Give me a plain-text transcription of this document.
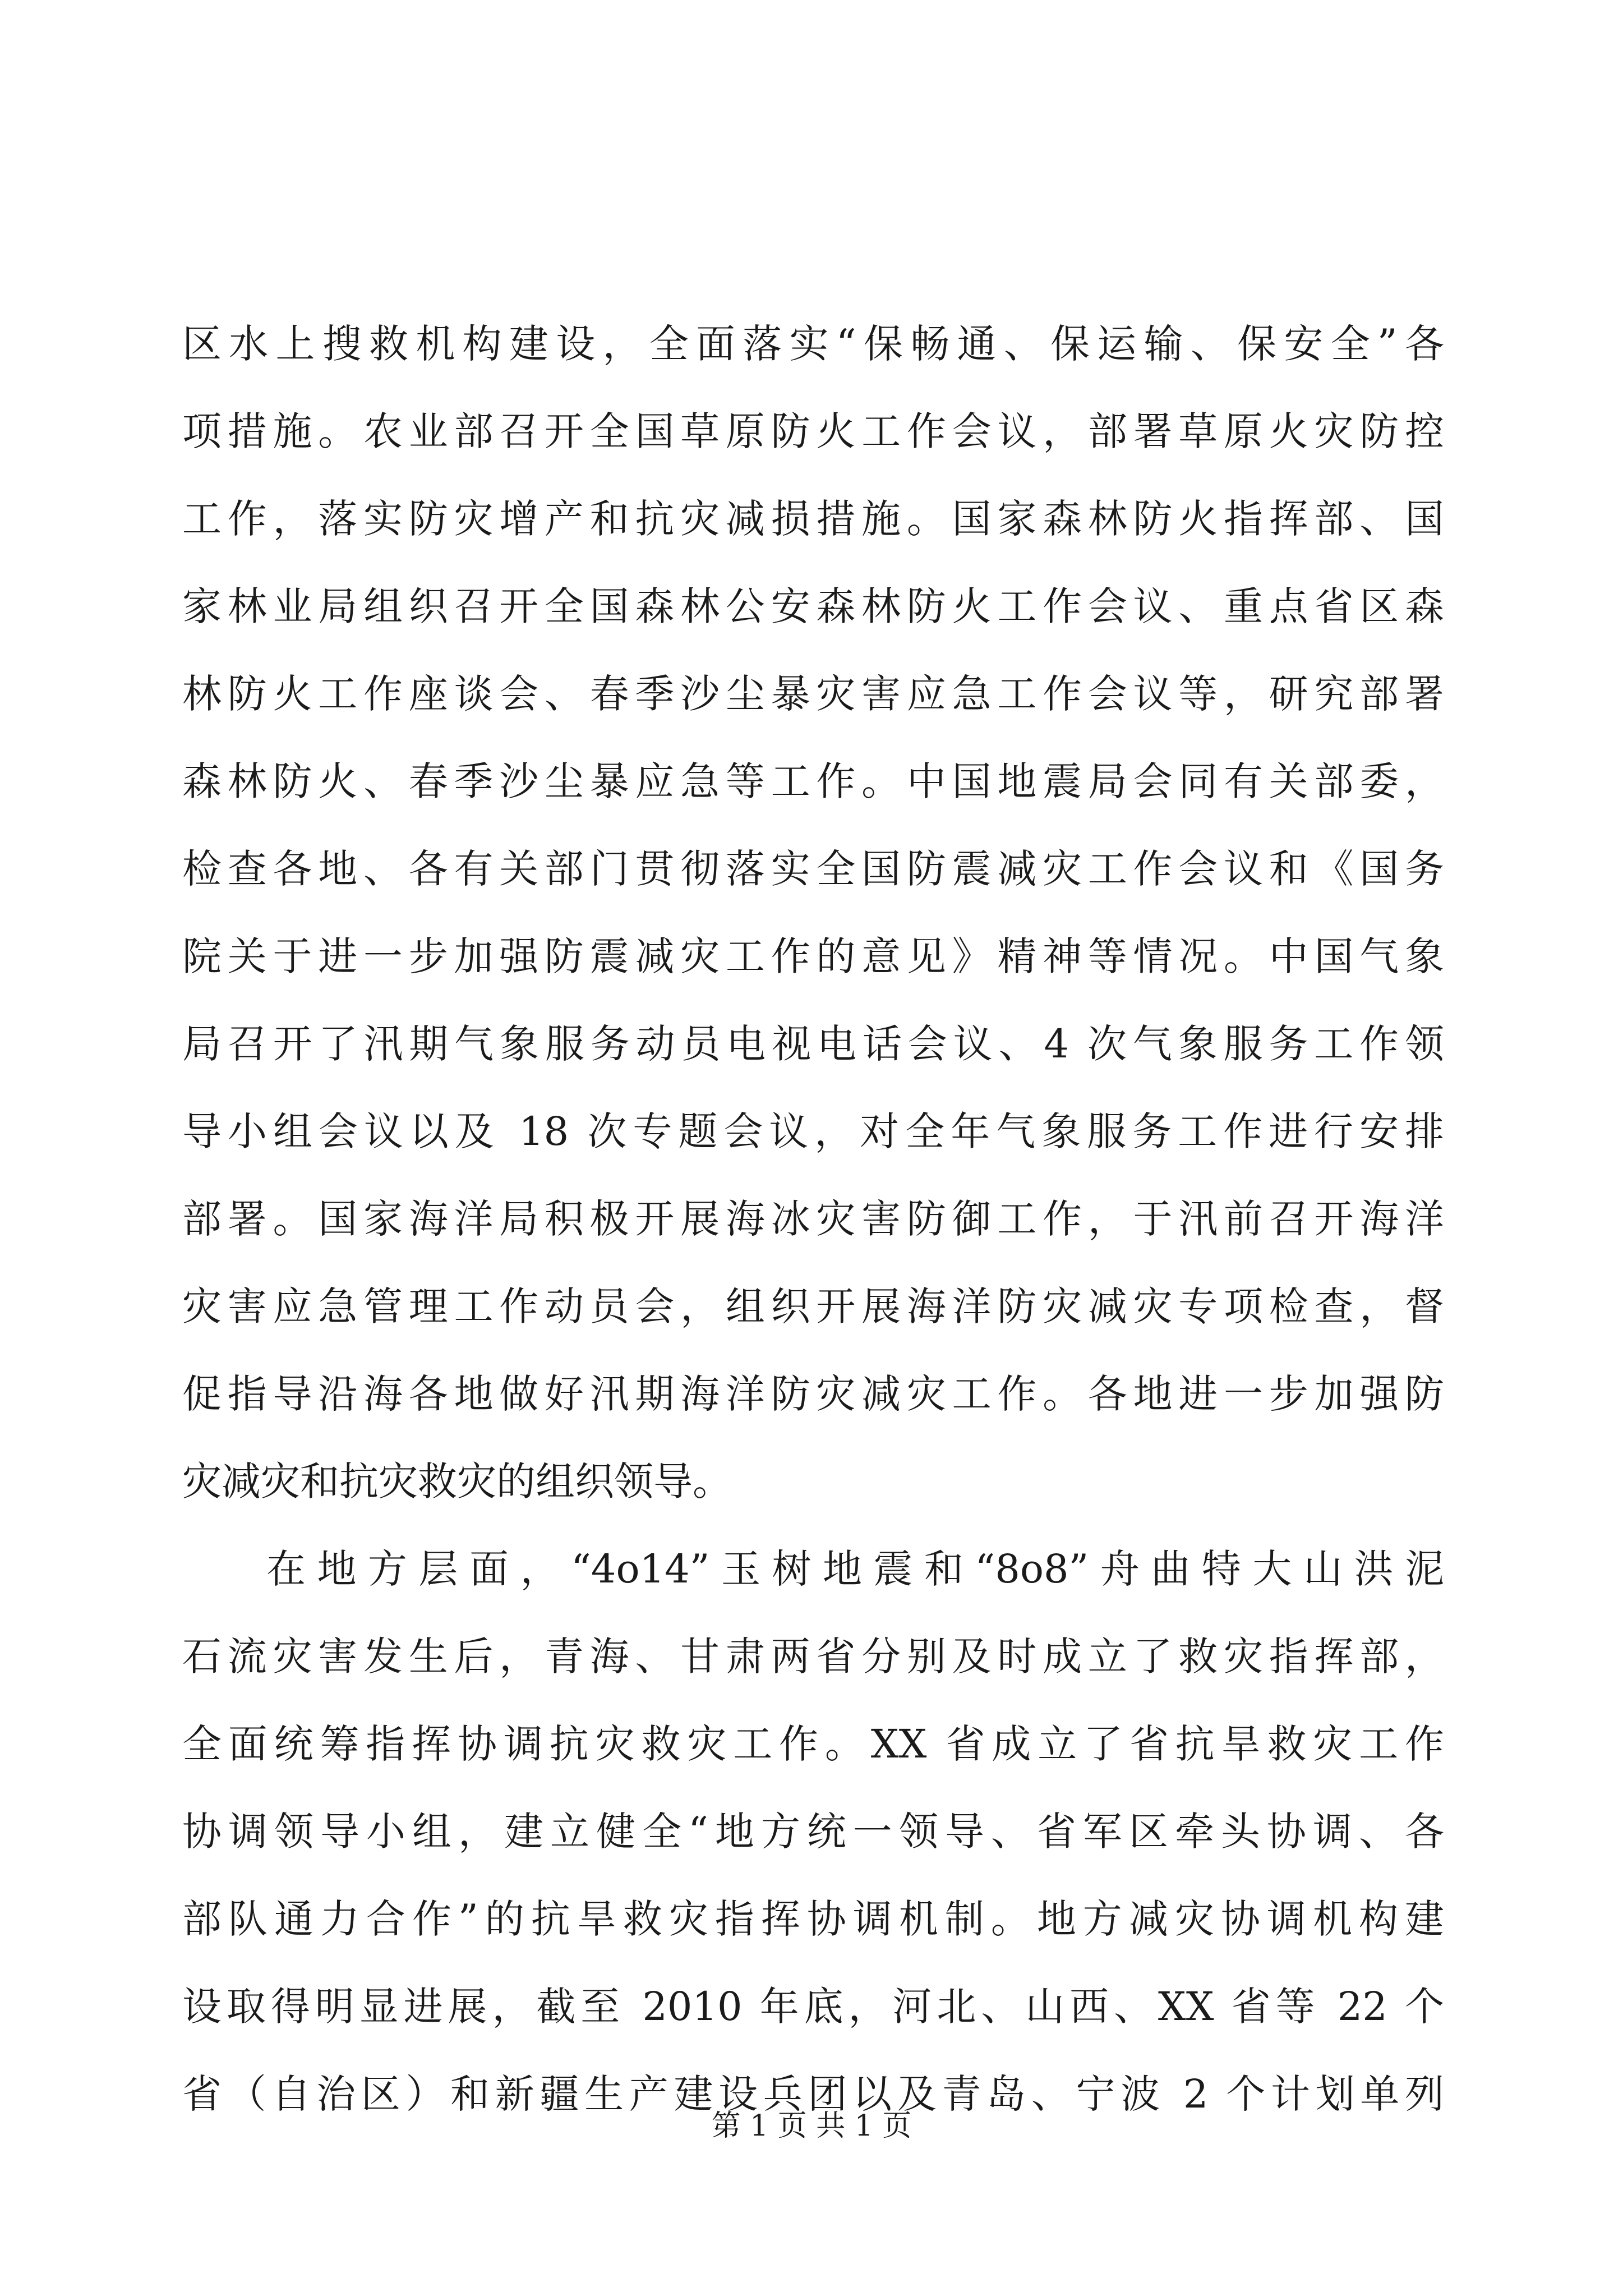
区水上搜救机构建设，全面落实“保畅通、保运输、保安全”各
项措施。农业部召开全国草原防火工作会议，部署草原火灾防控
工作，落实防灾增产和抗灾减损措施。国家森林防火指挥部、国
家林业局组织召开全国森林公安森林防火工作会议、重点省区森
林防火工作座谈会、春季沙尘暴灾害应急工作会议等，研究部署
森林防火、春季沙尘暴应急等工作。中国地震局会同有关部委，
检查各地、各有关部门贯彻落实全国防震减灾工作会议和《国务
院关于进一步加强防震减灾工作的意见》精神等情况。中国气象
局召开了汛期气象服务动员电视电话会议、4 次气象服务工作领
导小组会议以及 18 次专题会议，对全年气象服务工作进行安排
部署。国家海洋局积极开展海冰灾害防御工作，于汛前召开海洋
灾害应急管理工作动员会，组织开展海洋防灾减灾专项检查，督
促指导沿海各地做好汛期海洋防灾减灾工作。各地进一步加强防
灾减灾和抗灾救灾的组织领导。
在地方层面，“4o14”玉树地震和“8o8”舟曲特大山洪泥
石流灾害发生后，青海、甘肃两省分别及时成立了救灾指挥部，
全面统筹指挥协调抗灾救灾工作。XX 省成立了省抗旱救灾工作
协调领导小组，建立健全“地方统一领导、省军区牵头协调、各
部队通力合作”的抗旱救灾指挥协调机制。地方减灾协调机构建
设取得明显进展，截至 2010 年底，河北、山西、XX 省等 22 个
省（自治区）和新疆生产建设兵团以及青岛、宁波 2 个计划单列
第 1 页 共 1 页
